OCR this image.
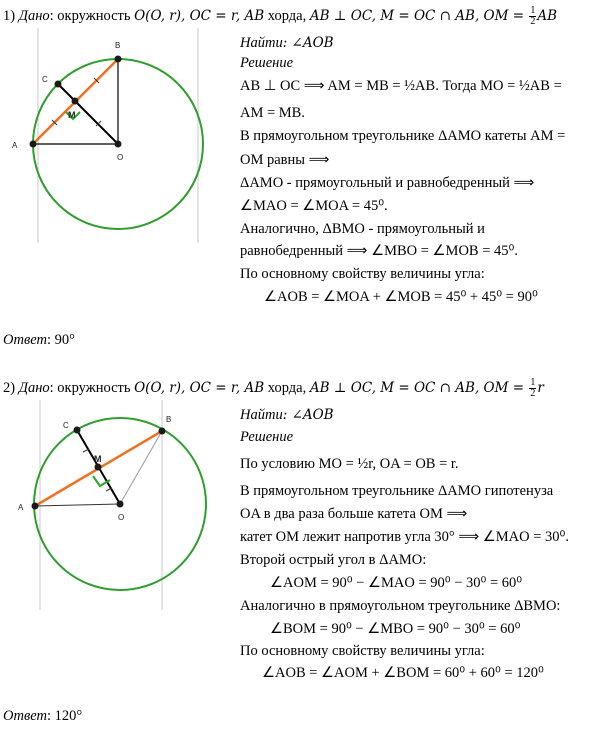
1) Дано: окружность O(O, r), OC = r, AB хорда, AB ⊥ OC, M = OC ∩ AB, OM = $\frac{1}{2}$ AB
A
B
C
M
O
Найти: ∠AOB
Решение
AB ⊥ OC ⟹ AM = MB = ½AB. Тогда MO = ½AB =
AM = MB.
В прямоугольном треугольнике ΔAMO катеты AM =
OM равны ⟹
ΔAMO - прямоугольный и равнобедренный ⟹
∠MAO = ∠MOA = 45⁰.
Аналогично, ΔBMO - прямоугольный и
равнобедренный ⟹ ∠MBO = ∠MOB = 45⁰.
По основному свойству величины угла:
∠AOB = ∠MOA + ∠MOB = 45⁰ + 45⁰ = 90⁰
Ответ: 90°
2) Дано: окружность O(O, r), OC = r, AB хорда, AB ⊥ OC, M = OC ∩ AB, OM = $\frac{1}{2}$ r
A
B
C
M
O
Найти: ∠AOB
Решение
По условию MO = ½r, OA = OB = r.
В прямоугольном треугольнике ΔAMO гипотенуза
OA в два раза больше катета OM ⟹
катет OM лежит напротив угла 30° ⟹ ∠MAO = 30⁰.
Второй острый угол в ΔAMO:
∠AOM = 90⁰ − ∠MAO = 90⁰ − 30⁰ = 60⁰
Аналогично в прямоугольном треугольнике ΔBMO:
∠BOM = 90⁰ − ∠MBO = 90⁰ − 30⁰ = 60⁰
По основному свойству величины угла:
∠AOB = ∠AOM + ∠BOM = 60⁰ + 60⁰ = 120⁰
Ответ: 120°
